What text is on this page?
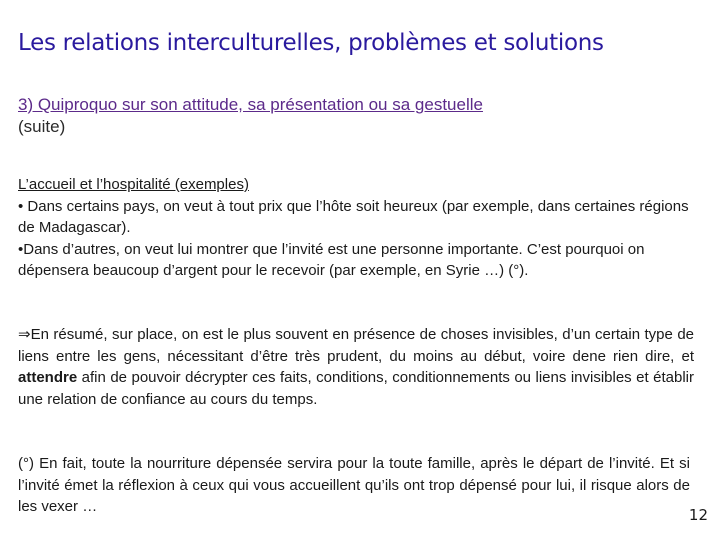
Les relations interculturelles, problèmes et solutions
3) Quiproquo sur son attitude, sa présentation ou sa gestuelle
(suite)
L’accueil et l’hospitalité (exemples)
• Dans certains pays, on veut à tout prix que l’hôte soit heureux (par exemple, dans certaines régions de Madagascar).
•Dans d’autres, on veut lui montrer que l’invité est une personne importante. C’est pourquoi on dépensera beaucoup d’argent pour le recevoir (par exemple, en Syrie …) (°).
⇒En résumé, sur place, on est le plus souvent en présence de choses invisibles, d’un certain type de liens entre les gens, nécessitant d’être très prudent, du moins au début, voire dene rien dire, et attendre afin de pouvoir décrypter ces faits, conditions, conditionnements ou liens invisibles et établir une relation de confiance au cours du temps.
(°) En fait, toute la nourriture dépensée servira pour la toute famille, après le départ de l’invité. Et si l’invité émet la réflexion à ceux qui vous accueillent qu’ils ont trop dépensé pour lui, il risque alors de les vexer …	12
